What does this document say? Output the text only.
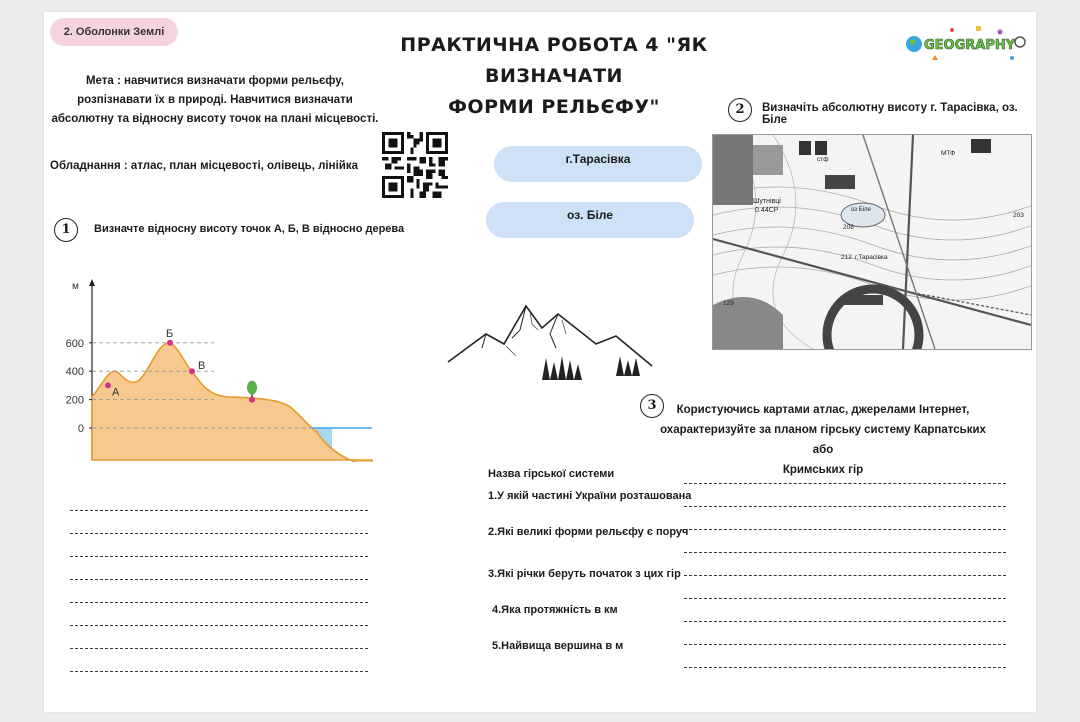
2. Оболонки Землі
ПРАКТИЧНА РОБОТА 4 "ЯК ВИЗНАЧАТИ
ФОРМИ РЕЛЬЄФУ"
GEOGRAPHY
Мета : навчитися визначати форми рельєфу, розпізнавати їх в природі. Навчитися визначати абсолютну та відносну висоту точок на плані місцевості.
Обладнання : атлас, план місцевості, олівець, лінійка
1	Визначте відносну висоту точок А, Б, В відносно дерева
м
0
200
400
600
А
Б
В
г.Тарасівка
оз. Біле
2	Визначіть абсолютну висоту г. Тарасівка, оз. Біле
Шутнівці
0.44СР
212 г.Тарасівка
МТФ
стф
203
208
129
оз Біле
3	Користуючись картами атлас, джерелами Інтернет,
охарактеризуйте за планом гірську систему Карпатських або
Кримських гір
Назва гірської системи
1.У якій частині України розташована
2.Які великі форми рельєфу є поруч
3.Які річки беруть початок з цих гір
4.Яка протяжність в км
5.Найвища вершина в м
